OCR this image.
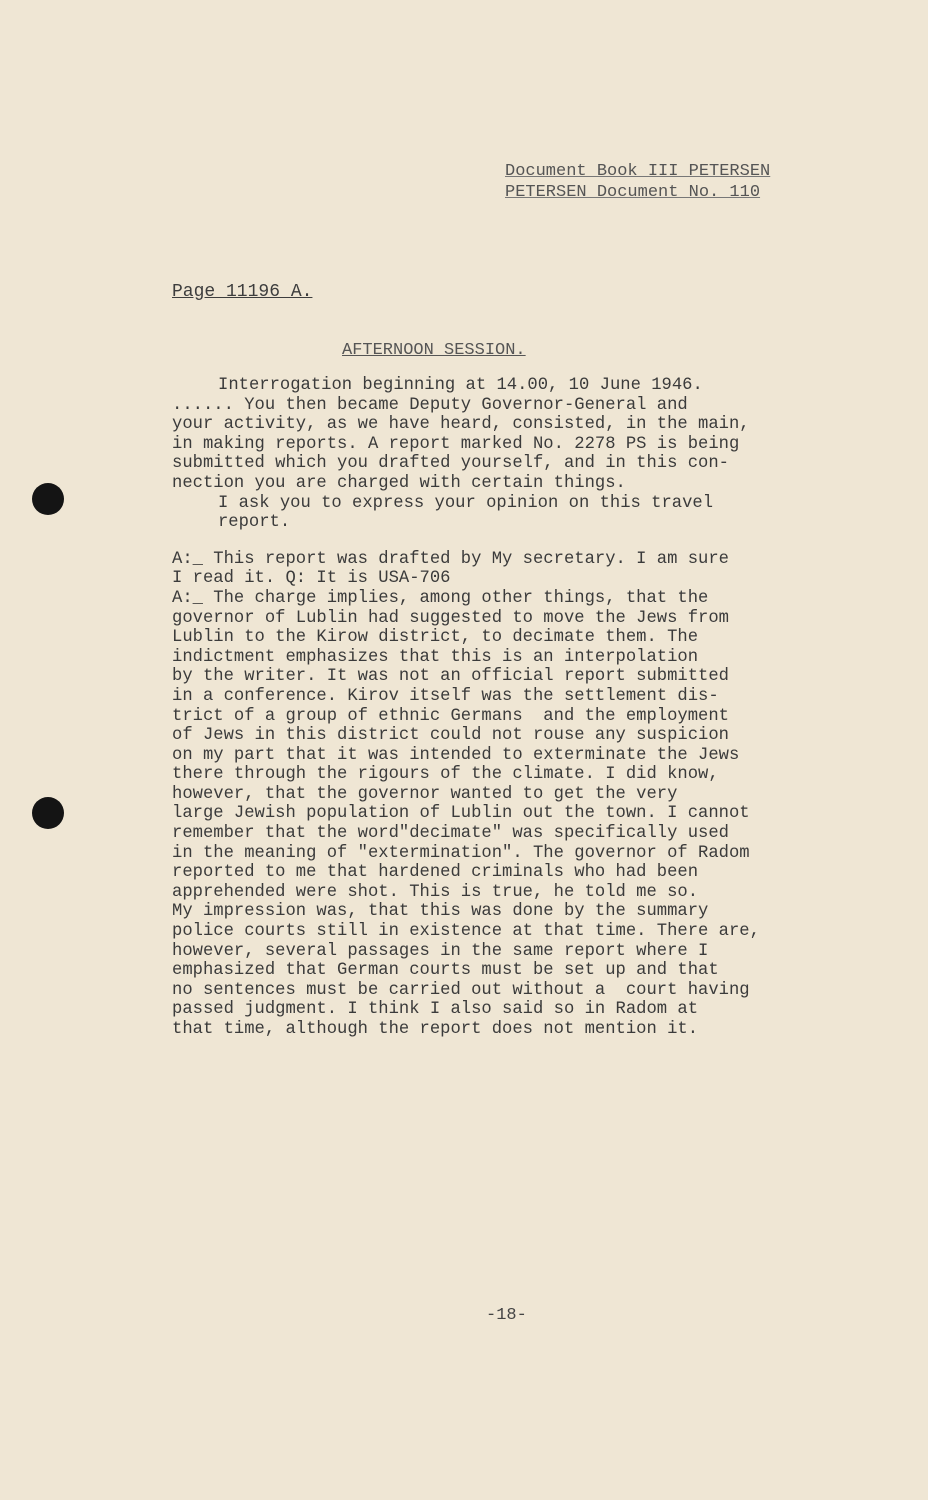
Document Book III PETERSEN
PETERSEN Document No. 110
Page 11196 A.
AFTERNOON SESSION.
Interrogation beginning at 14.00, 10 June 1946.
...... You then became Deputy Governor-General and
your activity, as we have heard, consisted, in the main,
in making reports. A report marked No. 2278 PS is being
submitted which you drafted yourself, and in this con-
nection you are charged with certain things.
I ask you to express your opinion on this travel
report.
A:_ This report was drafted by My secretary. I am sure
I read it. Q: It is USA-706
A:_ The charge implies, among other things, that the
governor of Lublin had suggested to move the Jews from
Lublin to the Kirow district, to decimate them. The
indictment emphasizes that this is an interpolation
by the writer. It was not an official report submitted
in a conference. Kirov itself was the settlement dis-
trict of a group of ethnic Germans  and the employment
of Jews in this district could not rouse any suspicion
on my part that it was intended to exterminate the Jews
there through the rigours of the climate. I did know,
however, that the governor wanted to get the very
large Jewish population of Lublin out the town. I cannot
remember that the word"decimate" was specifically used
in the meaning of "extermination". The governor of Radom
reported to me that hardened criminals who had been
apprehended were shot. This is true, he told me so.
My impression was, that this was done by the summary
police courts still in existence at that time. There are,
however, several passages in the same report where I
emphasized that German courts must be set up and that
no sentences must be carried out without a  court having
passed judgment. I think I also said so in Radom at
that time, although the report does not mention it.
-18-
